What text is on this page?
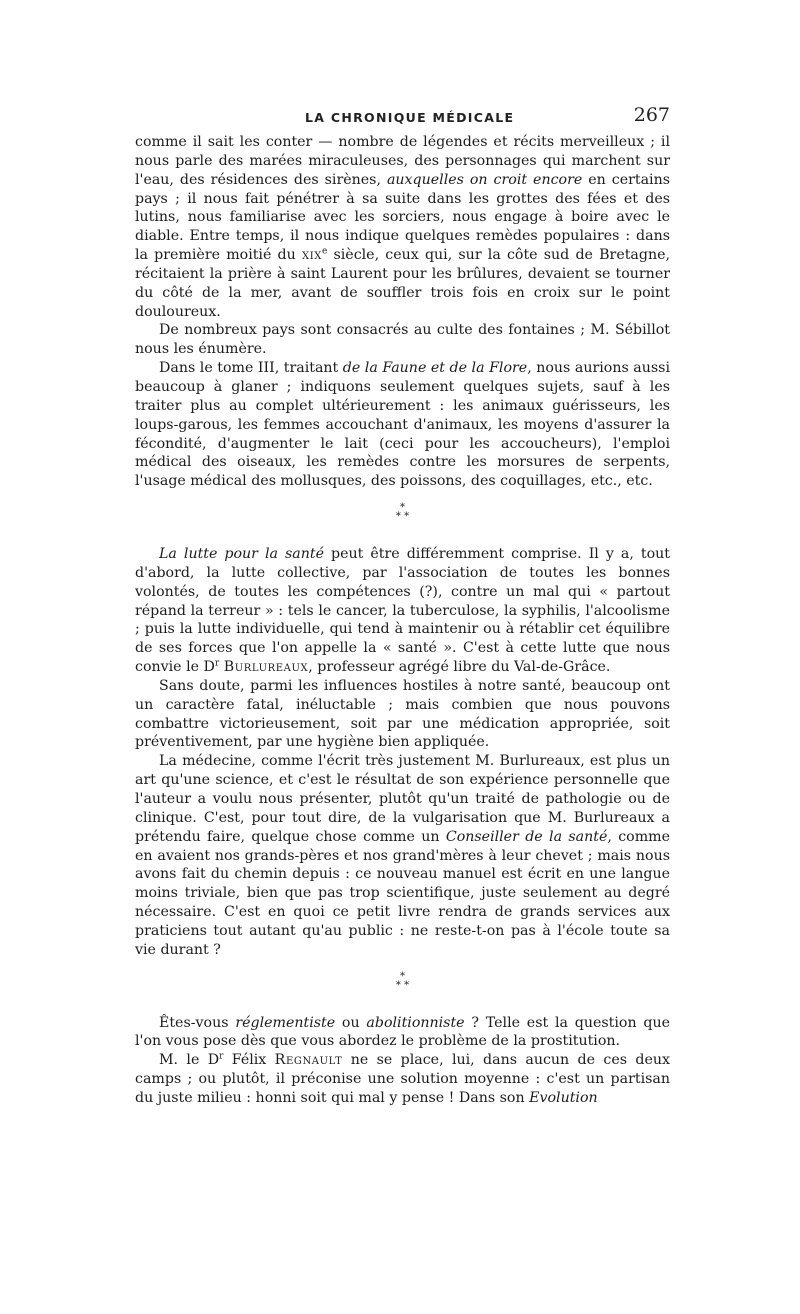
LA CHRONIQUE MÉDICALE	267

comme il sait les conter — nombre de légendes et récits merveilleux ; il nous parle des marées miraculeuses, des personnages qui marchent sur l'eau, des résidences des sirènes, auxquelles on croit encore en certains pays ; il nous fait pénétrer à sa suite dans les grottes des fées et des lutins, nous familiarise avec les sorciers, nous engage à boire avec le diable. Entre temps, il nous indique quelques remèdes populaires : dans la première moitié du xix$^e$ siècle, ceux qui, sur la côte sud de Bretagne, récitaient la prière à saint Laurent pour les brûlures, devaient se tourner du côté de la mer, avant de souffler trois fois en croix sur le point douloureux.

De nombreux pays sont consacrés au culte des fontaines ; M. Sébillot nous les énumère.

Dans le tome III, traitant de la Faune et de la Flore, nous aurions aussi beaucoup à glaner ; indiquons seulement quelques sujets, sauf à les traiter plus au complet ultérieurement : les animaux guérisseurs, les loups-garous, les femmes accouchant d'animaux, les moyens d'assurer la fécondité, d'augmenter le lait (ceci pour les accoucheurs), l'emploi médical des oiseaux, les remèdes contre les morsures de serpents, l'usage médical des mollusques, des poissons, des coquillages, etc., etc.

*
* *

La lutte pour la santé peut être différemment comprise. Il y a, tout d'abord, la lutte collective, par l'association de toutes les bonnes volontés, de toutes les compétences (?), contre un mal qui « partout répand la terreur » : tels le cancer, la tuberculose, la syphilis, l'alcoolisme ; puis la lutte individuelle, qui tend à maintenir ou à rétablir cet équilibre de ses forces que l'on appelle la « santé ». C'est à cette lutte que nous convie le $D^r$ Burlureaux, professeur agrégé libre du Val-de-Grâce.

Sans doute, parmi les influences hostiles à notre santé, beaucoup ont un caractère fatal, inéluctable ; mais combien que nous pouvons combattre victorieusement, soit par une médication appropriée, soit préventivement, par une hygiène bien appliquée.

La médecine, comme l'écrit très justement M. Burlureaux, est plus un art qu'une science, et c'est le résultat de son expérience personnelle que l'auteur a voulu nous présenter, plutôt qu'un traité de pathologie ou de clinique. C'est, pour tout dire, de la vulgarisation que M. Burlureaux a prétendu faire, quelque chose comme un Conseiller de la santé, comme en avaient nos grands-pères et nos grand'mères à leur chevet ; mais nous avons fait du chemin depuis : ce nouveau manuel est écrit en une langue moins triviale, bien que pas trop scientifique, juste seulement au degré nécessaire. C'est en quoi ce petit livre rendra de grands services aux praticiens tout autant qu'au public : ne reste-t-on pas à l'école toute sa vie durant ?

*
* *

Êtes-vous réglementiste ou abolitionniste ? Telle est la question que l'on vous pose dès que vous abordez le problème de la prostitution.

M. le $D^r$ Félix Regnault ne se place, lui, dans aucun de ces deux camps ; ou plutôt, il préconise une solution moyenne : c'est un partisan du juste milieu : honni soit qui mal y pense ! Dans son Evolution
